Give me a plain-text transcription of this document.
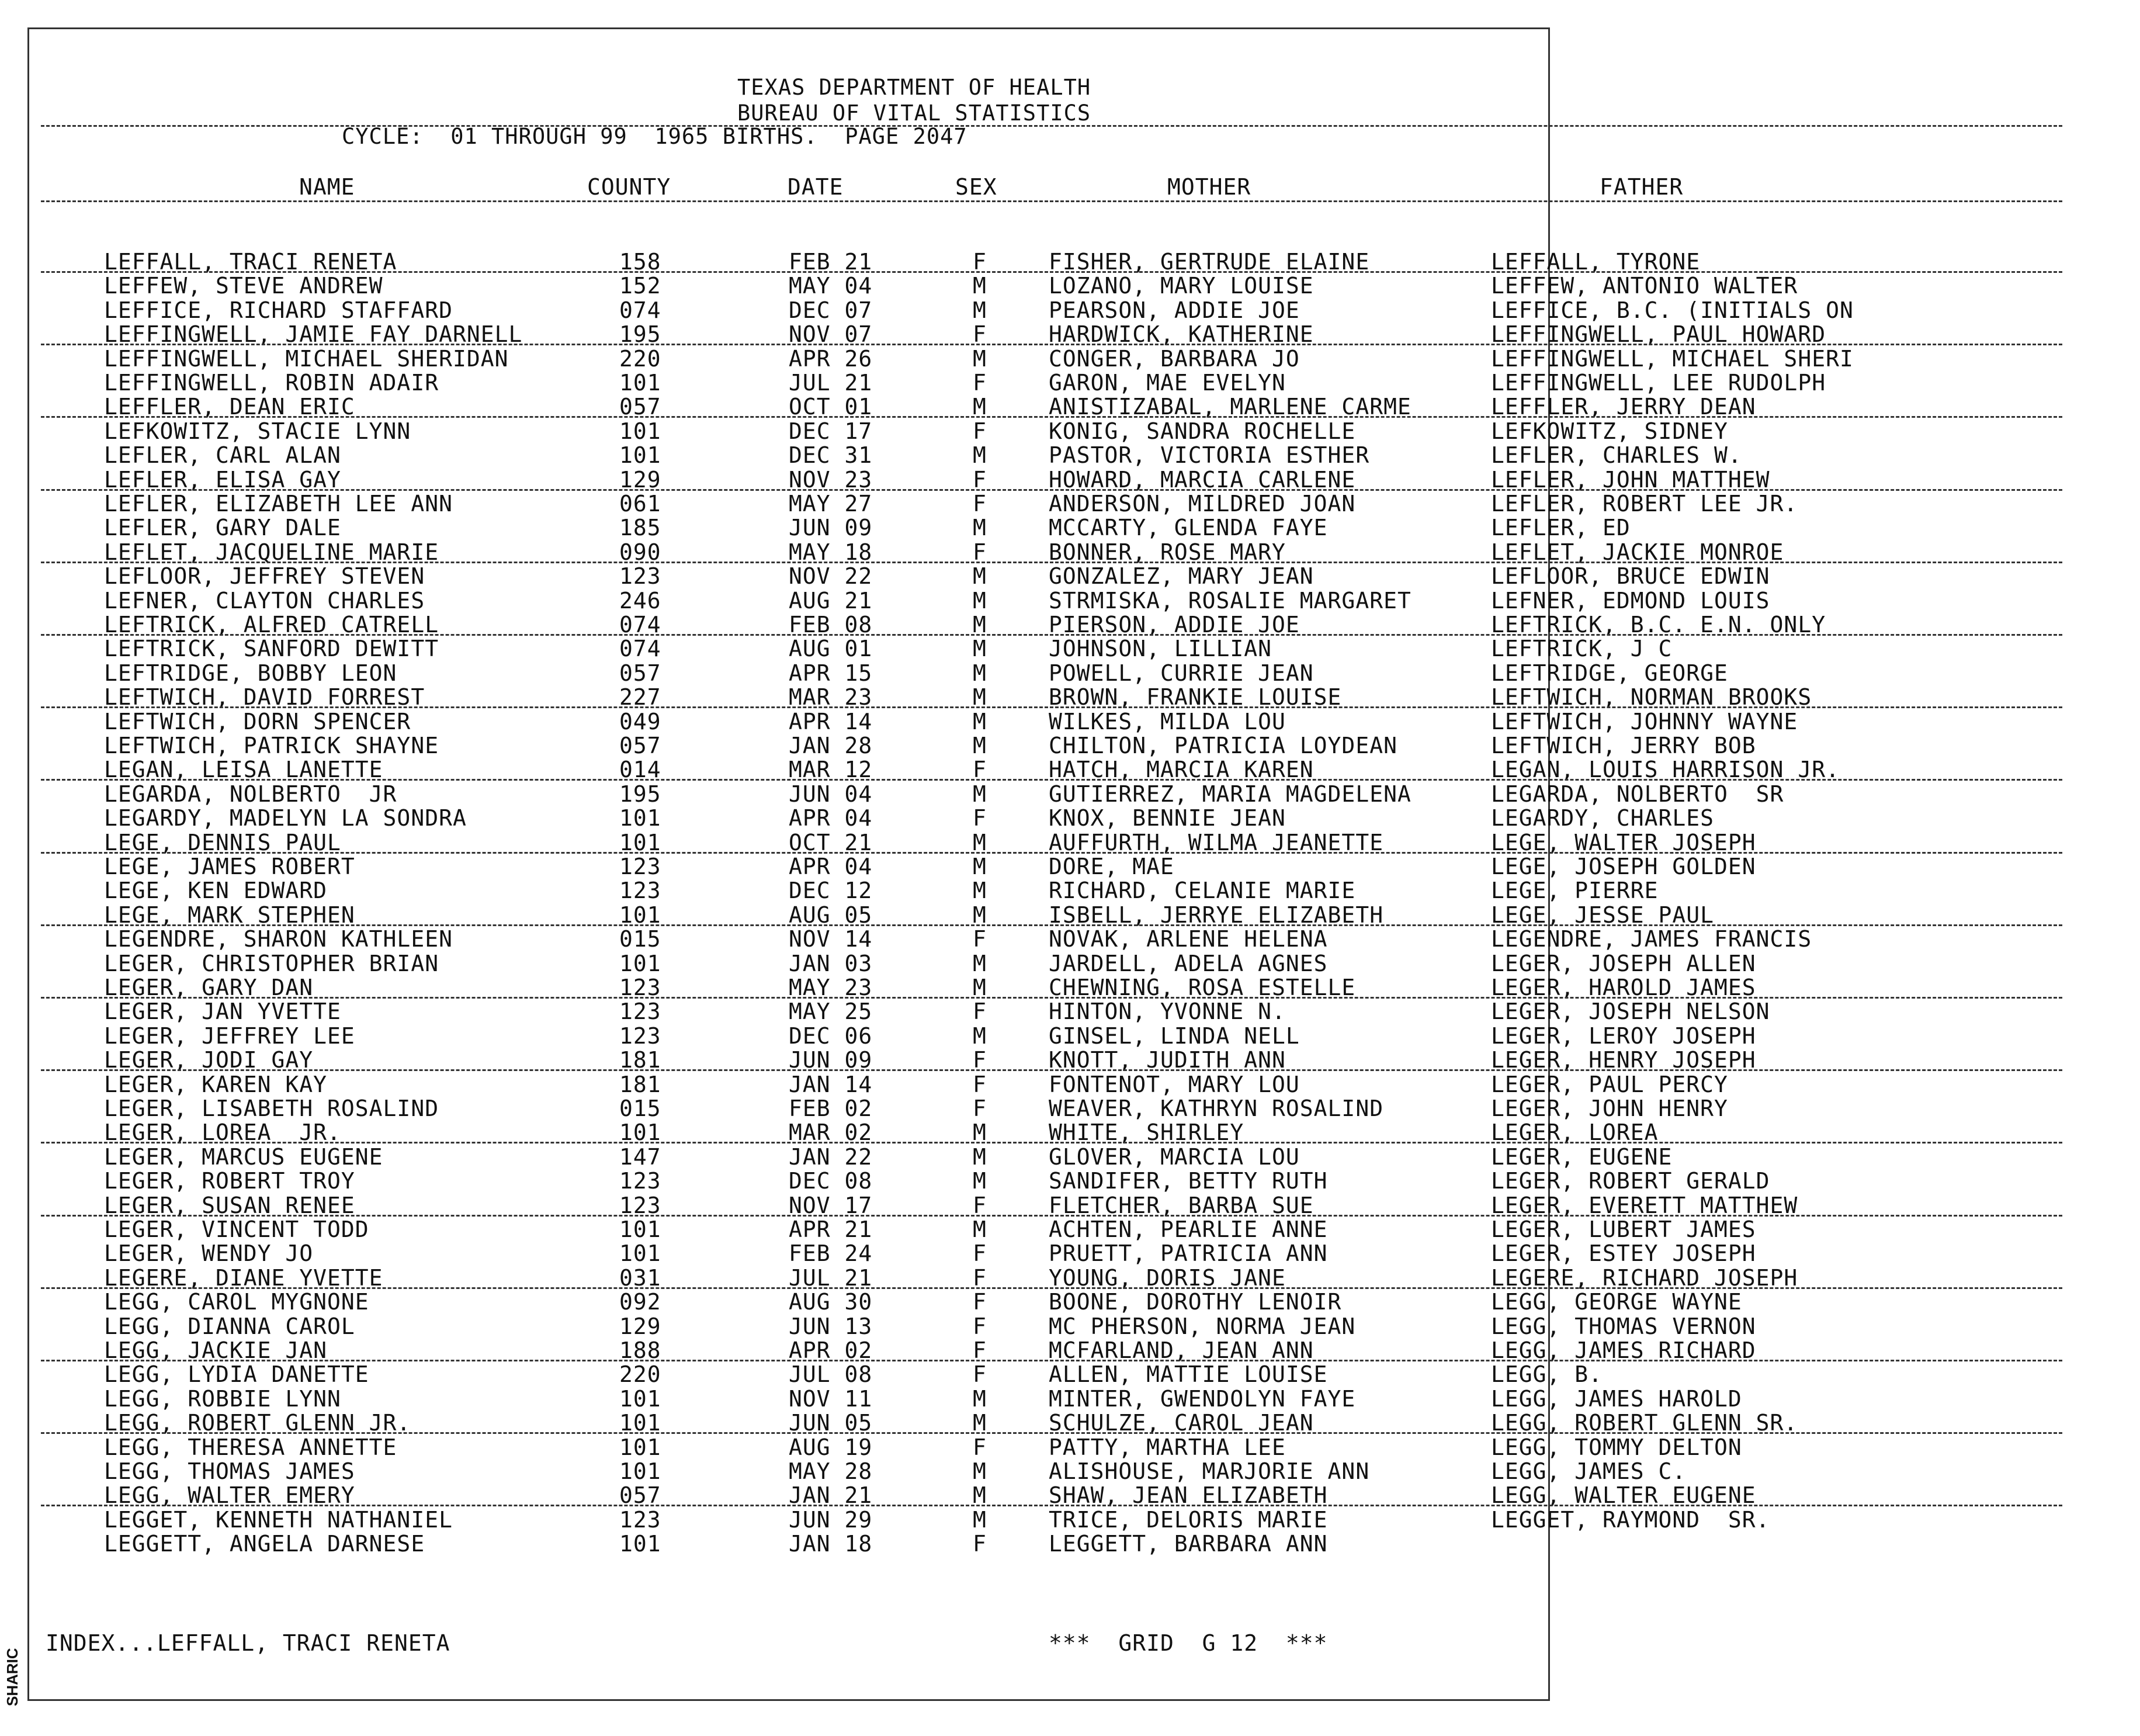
TEXAS DEPARTMENT OF HEALTH
BUREAU OF VITAL STATISTICS
CYCLE:  01 THROUGH 99  1965 BIRTHS.  PAGE 2047
NAME	COUNTY	DATE	SEX	MOTHER	FATHER
LEFFALL, TRACI RENETA	158	FEB 21	F	FISHER, GERTRUDE ELAINE	LEFFALL, TYRONE
LEFFEW, STEVE ANDREW	152	MAY 04	M	LOZANO, MARY LOUISE	LEFFEW, ANTONIO WALTER
LEFFICE, RICHARD STAFFARD	074	DEC 07	M	PEARSON, ADDIE JOE	LEFFICE, B.C. (INITIALS ON
LEFFINGWELL, JAMIE FAY DARNELL	195	NOV 07	F	HARDWICK, KATHERINE	LEFFINGWELL, PAUL HOWARD
LEFFINGWELL, MICHAEL SHERIDAN	220	APR 26	M	CONGER, BARBARA JO	LEFFINGWELL, MICHAEL SHERI
LEFFINGWELL, ROBIN ADAIR	101	JUL 21	F	GARON, MAE EVELYN	LEFFINGWELL, LEE RUDOLPH
LEFFLER, DEAN ERIC	057	OCT 01	M	ANISTIZABAL, MARLENE CARME	LEFFLER, JERRY DEAN
LEFKOWITZ, STACIE LYNN	101	DEC 17	F	KONIG, SANDRA ROCHELLE	LEFKOWITZ, SIDNEY
LEFLER, CARL ALAN	101	DEC 31	M	PASTOR, VICTORIA ESTHER	LEFLER, CHARLES W.
LEFLER, ELISA GAY	129	NOV 23	F	HOWARD, MARCIA CARLENE	LEFLER, JOHN MATTHEW
LEFLER, ELIZABETH LEE ANN	061	MAY 27	F	ANDERSON, MILDRED JOAN	LEFLER, ROBERT LEE JR.
LEFLER, GARY DALE	185	JUN 09	M	MCCARTY, GLENDA FAYE	LEFLER, ED
LEFLET, JACQUELINE MARIE	090	MAY 18	F	BONNER, ROSE MARY	LEFLET, JACKIE MONROE
LEFLOOR, JEFFREY STEVEN	123	NOV 22	M	GONZALEZ, MARY JEAN	LEFLOOR, BRUCE EDWIN
LEFNER, CLAYTON CHARLES	246	AUG 21	M	STRMISKA, ROSALIE MARGARET	LEFNER, EDMOND LOUIS
LEFTRICK, ALFRED CATRELL	074	FEB 08	M	PIERSON, ADDIE JOE	LEFTRICK, B.C. E.N. ONLY
LEFTRICK, SANFORD DEWITT	074	AUG 01	M	JOHNSON, LILLIAN	LEFTRICK, J C
LEFTRIDGE, BOBBY LEON	057	APR 15	M	POWELL, CURRIE JEAN	LEFTRIDGE, GEORGE
LEFTWICH, DAVID FORREST	227	MAR 23	M	BROWN, FRANKIE LOUISE	LEFTWICH, NORMAN BROOKS
LEFTWICH, DORN SPENCER	049	APR 14	M	WILKES, MILDA LOU	LEFTWICH, JOHNNY WAYNE
LEFTWICH, PATRICK SHAYNE	057	JAN 28	M	CHILTON, PATRICIA LOYDEAN	LEFTWICH, JERRY BOB
LEGAN, LEISA LANETTE	014	MAR 12	F	HATCH, MARCIA KAREN	LEGAN, LOUIS HARRISON JR.
LEGARDA, NOLBERTO  JR	195	JUN 04	M	GUTIERREZ, MARIA MAGDELENA	LEGARDA, NOLBERTO  SR
LEGARDY, MADELYN LA SONDRA	101	APR 04	F	KNOX, BENNIE JEAN	LEGARDY, CHARLES
LEGE, DENNIS PAUL	101	OCT 21	M	AUFFURTH, WILMA JEANETTE	LEGE, WALTER JOSEPH
LEGE, JAMES ROBERT	123	APR 04	M	DORE, MAE	LEGE, JOSEPH GOLDEN
LEGE, KEN EDWARD	123	DEC 12	M	RICHARD, CELANIE MARIE	LEGE, PIERRE
LEGE, MARK STEPHEN	101	AUG 05	M	ISBELL, JERRYE ELIZABETH	LEGE, JESSE PAUL
LEGENDRE, SHARON KATHLEEN	015	NOV 14	F	NOVAK, ARLENE HELENA	LEGENDRE, JAMES FRANCIS
LEGER, CHRISTOPHER BRIAN	101	JAN 03	M	JARDELL, ADELA AGNES	LEGER, JOSEPH ALLEN
LEGER, GARY DAN	123	MAY 23	M	CHEWNING, ROSA ESTELLE	LEGER, HAROLD JAMES
LEGER, JAN YVETTE	123	MAY 25	F	HINTON, YVONNE N.	LEGER, JOSEPH NELSON
LEGER, JEFFREY LEE	123	DEC 06	M	GINSEL, LINDA NELL	LEGER, LEROY JOSEPH
LEGER, JODI GAY	181	JUN 09	F	KNOTT, JUDITH ANN	LEGER, HENRY JOSEPH
LEGER, KAREN KAY	181	JAN 14	F	FONTENOT, MARY LOU	LEGER, PAUL PERCY
LEGER, LISABETH ROSALIND	015	FEB 02	F	WEAVER, KATHRYN ROSALIND	LEGER, JOHN HENRY
LEGER, LOREA  JR.	101	MAR 02	M	WHITE, SHIRLEY	LEGER, LOREA
LEGER, MARCUS EUGENE	147	JAN 22	M	GLOVER, MARCIA LOU	LEGER, EUGENE
LEGER, ROBERT TROY	123	DEC 08	M	SANDIFER, BETTY RUTH	LEGER, ROBERT GERALD
LEGER, SUSAN RENEE	123	NOV 17	F	FLETCHER, BARBA SUE	LEGER, EVERETT MATTHEW
LEGER, VINCENT TODD	101	APR 21	M	ACHTEN, PEARLIE ANNE	LEGER, LUBERT JAMES
LEGER, WENDY JO	101	FEB 24	F	PRUETT, PATRICIA ANN	LEGER, ESTEY JOSEPH
LEGERE, DIANE YVETTE	031	JUL 21	F	YOUNG, DORIS JANE	LEGERE, RICHARD JOSEPH
LEGG, CAROL MYGNONE	092	AUG 30	F	BOONE, DOROTHY LENOIR	LEGG, GEORGE WAYNE
LEGG, DIANNA CAROL	129	JUN 13	F	MC PHERSON, NORMA JEAN	LEGG, THOMAS VERNON
LEGG, JACKIE JAN	188	APR 02	F	MCFARLAND, JEAN ANN	LEGG, JAMES RICHARD
LEGG, LYDIA DANETTE	220	JUL 08	F	ALLEN, MATTIE LOUISE	LEGG, B.
LEGG, ROBBIE LYNN	101	NOV 11	M	MINTER, GWENDOLYN FAYE	LEGG, JAMES HAROLD
LEGG, ROBERT GLENN JR.	101	JUN 05	M	SCHULZE, CAROL JEAN	LEGG, ROBERT GLENN SR.
LEGG, THERESA ANNETTE	101	AUG 19	F	PATTY, MARTHA LEE	LEGG, TOMMY DELTON
LEGG, THOMAS JAMES	101	MAY 28	M	ALISHOUSE, MARJORIE ANN	LEGG, JAMES C.
LEGG, WALTER EMERY	057	JAN 21	M	SHAW, JEAN ELIZABETH	LEGG, WALTER EUGENE
LEGGET, KENNETH NATHANIEL	123	JUN 29	M	TRICE, DELORIS MARIE	LEGGET, RAYMOND  SR.
LEGGETT, ANGELA DARNESE	101	JAN 18	F	LEGGETT, BARBARA ANN
INDEX...LEFFALL, TRACI RENETA	***  GRID  G 12  ***
SHARIC
